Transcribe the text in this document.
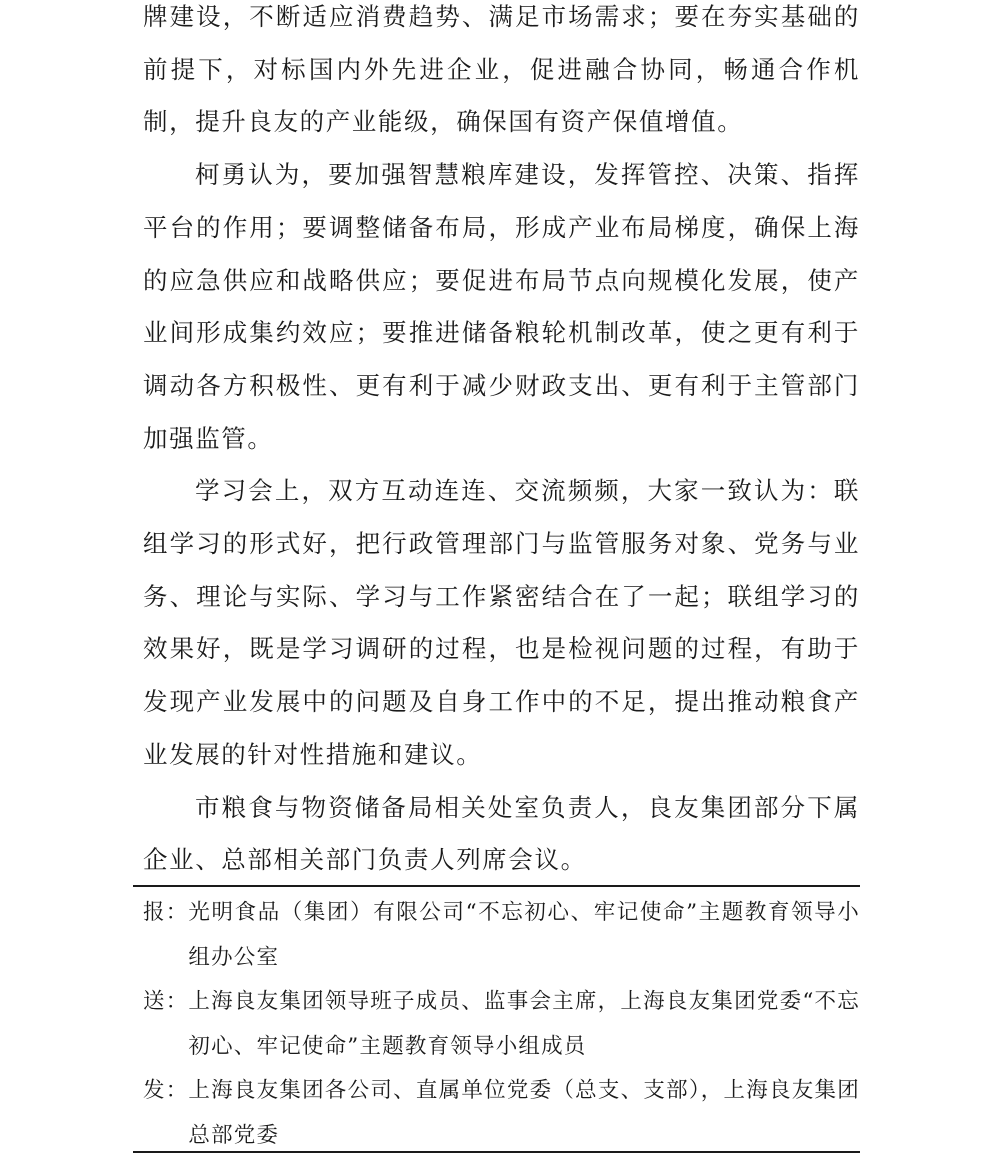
牌建设，不断适应消费趋势、满足市场需求；要在夯实基础的前提下，对标国内外先进企业，促进融合协同，畅通合作机制，提升良友的产业能级，确保国有资产保值增值。

柯勇认为，要加强智慧粮库建设，发挥管控、决策、指挥平台的作用；要调整储备布局，形成产业布局梯度，确保上海的应急供应和战略供应；要促进布局节点向规模化发展，使产业间形成集约效应；要推进储备粮轮机制改革，使之更有利于调动各方积极性、更有利于减少财政支出、更有利于主管部门加强监管。

学习会上，双方互动连连、交流频频，大家一致认为：联组学习的形式好，把行政管理部门与监管服务对象、党务与业务、理论与实际、学习与工作紧密结合在了一起；联组学习的效果好，既是学习调研的过程，也是检视问题的过程，有助于发现产业发展中的问题及自身工作中的不足，提出推动粮食产业发展的针对性措施和建议。

市粮食与物资储备局相关处室负责人，良友集团部分下属企业、总部相关部门负责人列席会议。

报： 光明食品（集团）有限公司“不忘初心、牢记使命”主题教育领导小组办公室
送： 上海良友集团领导班子成员、监事会主席，上海良友集团党委“不忘初心、牢记使命”主题教育领导小组成员
发： 上海良友集团各公司、直属单位党委（总支、支部），上海良友集团总部党委
